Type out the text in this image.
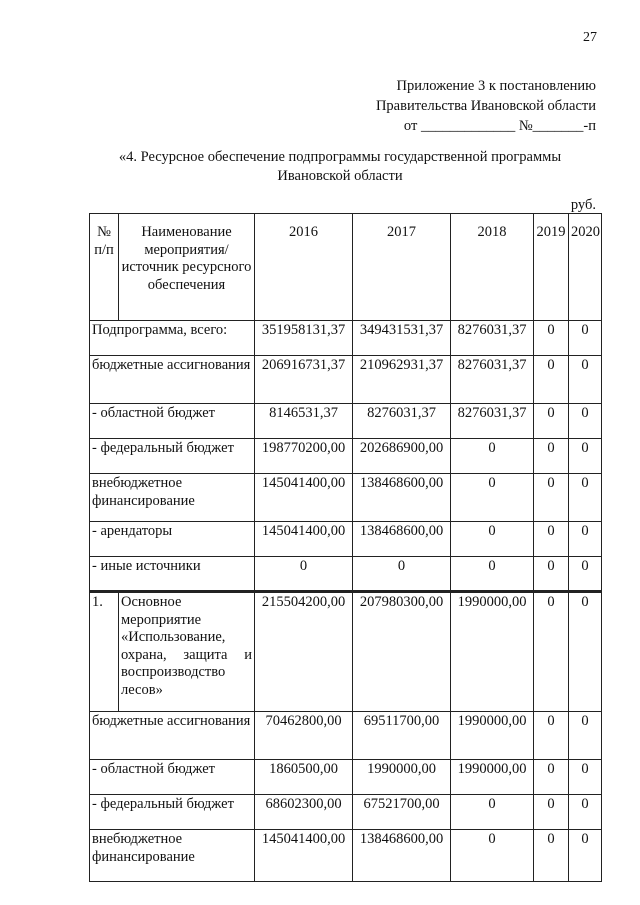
27
Приложение 3 к постановлению
Правительства Ивановской области
от _____________ №_______-п
«4. Ресурсное обеспечение подпрограммы государственной программы
Ивановской области
руб.
№ п/п	Наименование мероприятия/ источник ресурсного обеспечения	2016	2017	2018	2019	2020
Подпрограмма, всего:		351958131,37	349431531,37	8276031,37	0	0
бюджетные ассигнования		206916731,37	210962931,37	8276031,37	0	0
- областной бюджет		8146531,37	8276031,37	8276031,37	0	0
- федеральный бюджет		198770200,00	202686900,00	0	0	0
внебюджетное финансирование		145041400,00	138468600,00	0	0	0
- арендаторы		145041400,00	138468600,00	0	0	0
- иные источники		0	0	0	0	0
1.	Основное мероприятие «Использование, охрана, защита и воспроизводство лесов»	215504200,00	207980300,00	1990000,00	0	0
бюджетные ассигнования		70462800,00	69511700,00	1990000,00	0	0
- областной бюджет		1860500,00	1990000,00	1990000,00	0	0
- федеральный бюджет		68602300,00	67521700,00	0	0	0
внебюджетное финансирование		145041400,00	138468600,00	0	0	0
